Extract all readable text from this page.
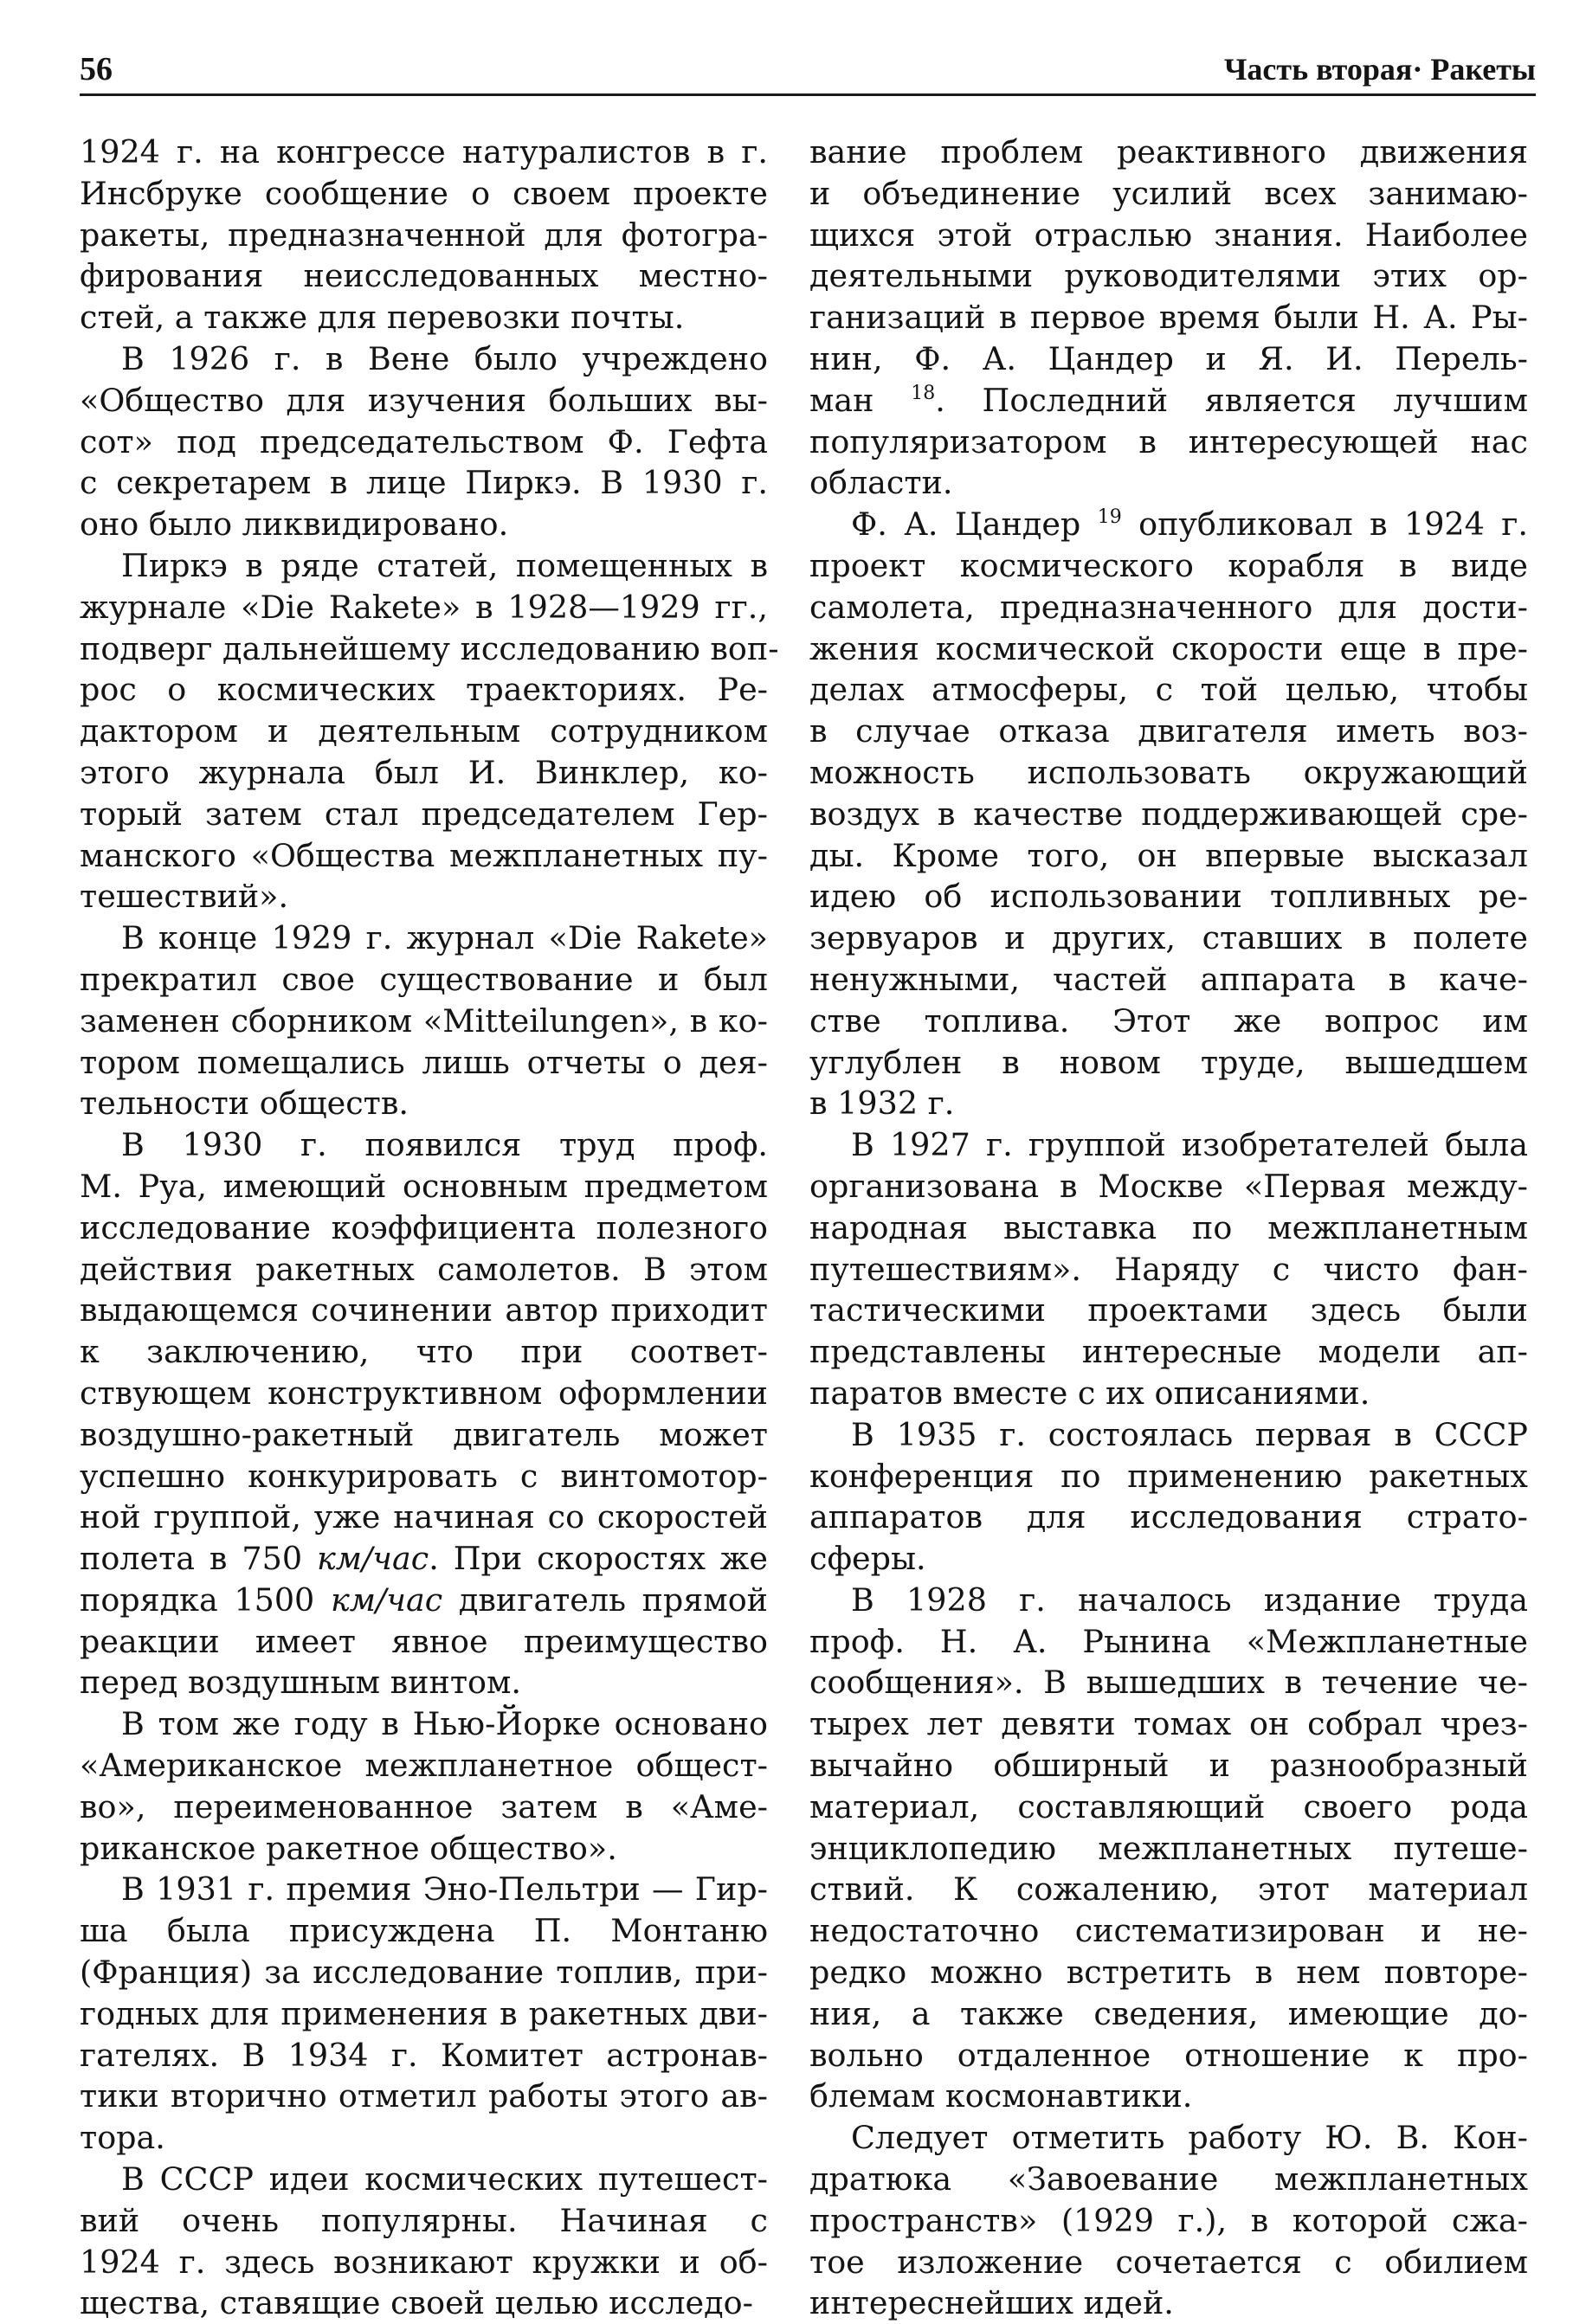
56	Часть вторая· Ракеты
1924 г. на конгрессе натуралистов в г.
Инсбруке сообщение о своем проекте
ракеты, предназначенной для фотогра-
фирования неисследованных местно-
стей, а также для перевозки почты.
В 1926 г. в Вене было учреждено
«Общество для изучения больших вы-
сот» под председательством Ф. Гефта
с секретарем в лице Пиркэ. В 1930 г.
оно было ликвидировано.
Пиркэ в ряде статей, помещенных в
журнале «Die Rakete» в 1928—1929 гг.,
подверг дальнейшему исследованию воп-
рос о космических траекториях. Ре-
дактором и деятельным сотрудником
этого журнала был И. Винклер, ко-
торый затем стал председателем Гер-
манского «Общества межпланетных пу-
тешествий».
В конце 1929 г. журнал «Die Rakete»
прекратил свое существование и был
заменен сборником «Mitteilungen», в ко-
тором помещались лишь отчеты о дея-
тельности обществ.
В 1930 г. появился труд проф.
М. Руа, имеющий основным предметом
исследование коэффициента полезного
действия ракетных самолетов. В этом
выдающемся сочинении автор приходит
к заключению, что при соответ-
ствующем конструктивном оформлении
воздушно-ракетный двигатель может
успешно конкурировать с винтомотор-
ной группой, уже начиная со скоростей
полета в 750 км/час. При скоростях же
порядка 1500 км/час двигатель прямой
реакции имеет явное преимущество
перед воздушным винтом.
В том же году в Нью-Йорке основано
«Американское межпланетное общест-
во», переименованное затем в «Аме-
риканское ракетное общество».
В 1931 г. премия Эно-Пельтри — Гир-
ша была присуждена П. Монтаню
(Франция) за исследование топлив, при-
годных для применения в ракетных дви-
гателях. В 1934 г. Комитет астронав-
тики вторично отметил работы этого ав-
тора.
В СССР идеи космических путешест-
вий очень популярны. Начиная с
1924 г. здесь возникают кружки и об-
щества, ставящие своей целью исследо-
вание проблем реактивного движения
и объединение усилий всех занимаю-
щихся этой отраслью знания. Наиболее
деятельными руководителями этих ор-
ганизаций в первое время были Н. А. Ры-
нин, Ф. А. Цандер и Я. И. Перель-
ман $^{18}$. Последний является лучшим
популяризатором в интересующей нас
области.
Ф. А. Цандер $^{19}$ опубликовал в 1924 г.
проект космического корабля в виде
самолета, предназначенного для дости-
жения космической скорости еще в пре-
делах атмосферы, с той целью, чтобы
в случае отказа двигателя иметь воз-
можность использовать окружающий
воздух в качестве поддерживающей сре-
ды. Кроме того, он впервые высказал
идею об использовании топливных ре-
зервуаров и других, ставших в полете
ненужными, частей аппарата в каче-
стве топлива. Этот же вопрос им
углублен в новом труде, вышедшем
в 1932 г.
В 1927 г. группой изобретателей была
организована в Москве «Первая между-
народная выставка по межпланетным
путешествиям». Наряду с чисто фан-
тастическими проектами здесь были
представлены интересные модели ап-
паратов вместе с их описаниями.
В 1935 г. состоялась первая в СССР
конференция по применению ракетных
аппаратов для исследования страто-
сферы.
В 1928 г. началось издание труда
проф. Н. А. Рынина «Межпланетные
сообщения». В вышедших в течение че-
тырех лет девяти томах он собрал чрез-
вычайно обширный и разнообразный
материал, составляющий своего рода
энциклопедию межпланетных путеше-
ствий. К сожалению, этот материал
недостаточно систематизирован и не-
редко можно встретить в нем повторе-
ния, а также сведения, имеющие до-
вольно отдаленное отношение к про-
блемам космонавтики.
Следует отметить работу Ю. В. Кон-
дратюка «Завоевание межпланетных
пространств» (1929 г.), в которой сжа-
тое изложение сочетается с обилием
интереснейших идей.
